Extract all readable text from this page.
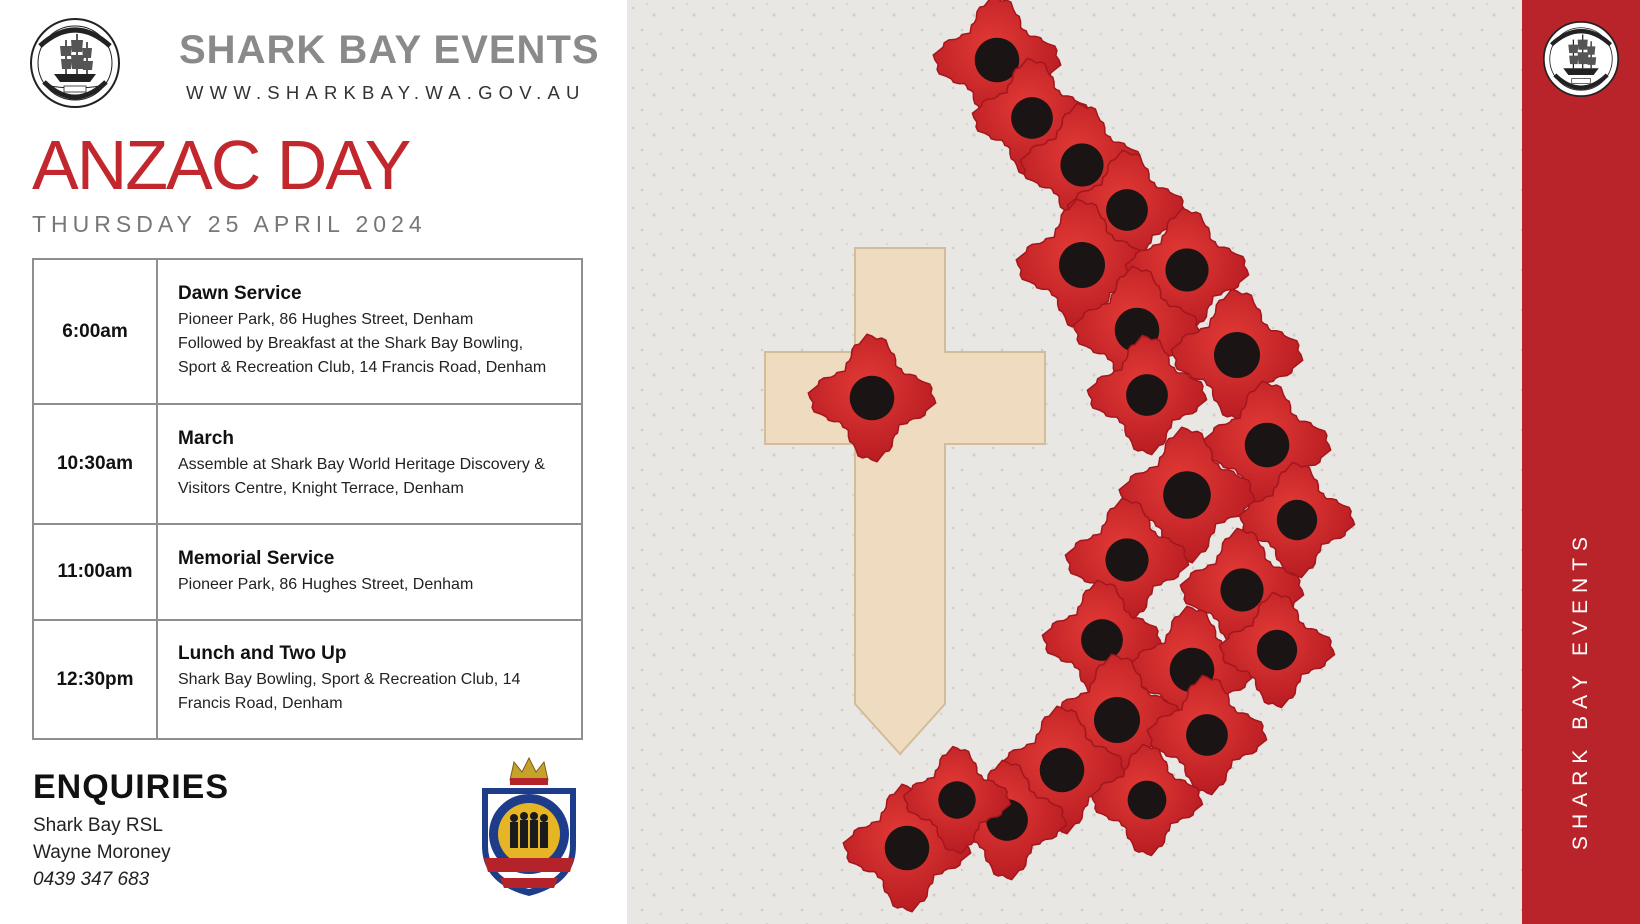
SHARK BAY EVENTS
WWW.SHARKBAY.WA.GOV.AU
ANZAC DAY
THURSDAY 25 APRIL 2024
6:00am
Dawn Service
Pioneer Park, 86 Hughes Street, Denham
Followed by Breakfast at the Shark Bay Bowling,
Sport & Recreation Club, 14 Francis Road, Denham
10:30am
March
Assemble at Shark Bay World Heritage Discovery &
Visitors Centre, Knight Terrace, Denham
11:00am
Memorial Service
Pioneer Park, 86 Hughes Street, Denham
12:30pm
Lunch and Two Up
Shark Bay Bowling, Sport & Recreation Club, 14
Francis Road, Denham
ENQUIRIES
Shark Bay RSL
Wayne Moroney
0439 347 683
SHARK BAY EVENTS
